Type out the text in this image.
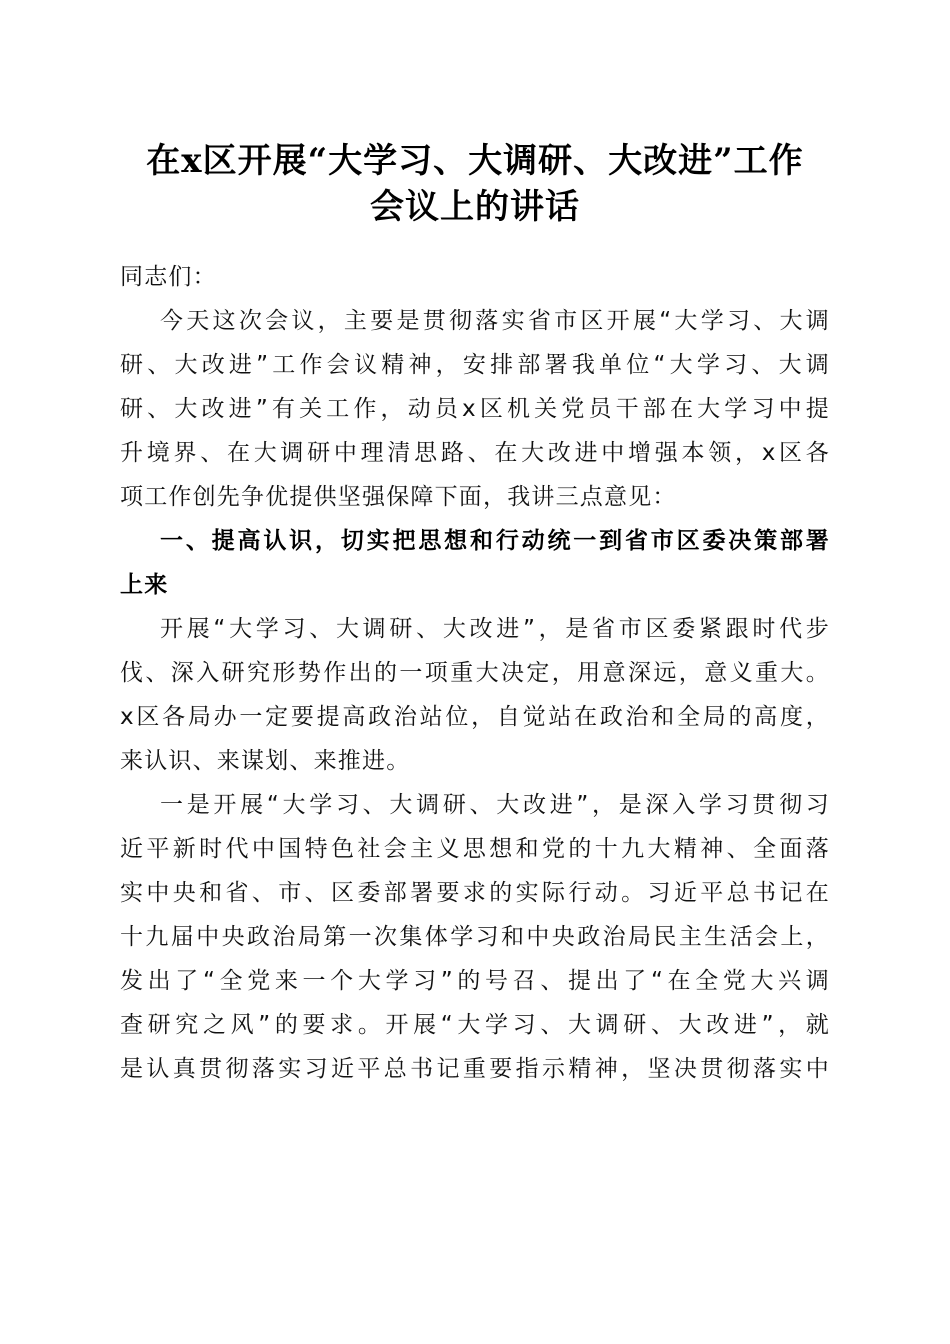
在x区开展“大学习、大调研、大改进”工作
会议上的讲话
同志们：
今天这次会议，主要是贯彻落实省市区开展“大学习、大调
研、大改进”工作会议精神，安排部署我单位“大学习、大调
研、大改进”有关工作，动员x区机关党员干部在大学习中提
升境界、在大调研中理清思路、在大改进中增强本领，x区各
项工作创先争优提供坚强保障下面，我讲三点意见：
一、提高认识，切实把思想和行动统一到省市区委决策部署
上来
开展“大学习、大调研、大改进”，是省市区委紧跟时代步
伐、深入研究形势作出的一项重大决定，用意深远，意义重大。
x区各局办一定要提高政治站位，自觉站在政治和全局的高度，
来认识、来谋划、来推进。
一是开展“大学习、大调研、大改进”，是深入学习贯彻习
近平新时代中国特色社会主义思想和党的十九大精神、全面落
实中央和省、市、区委部署要求的实际行动。习近平总书记在
十九届中央政治局第一次集体学习和中央政治局民主生活会上，
发出了“全党来一个大学习”的号召、提出了“在全党大兴调
查研究之风”的要求。开展“大学习、大调研、大改进”，就
是认真贯彻落实习近平总书记重要指示精神，坚决贯彻落实中
